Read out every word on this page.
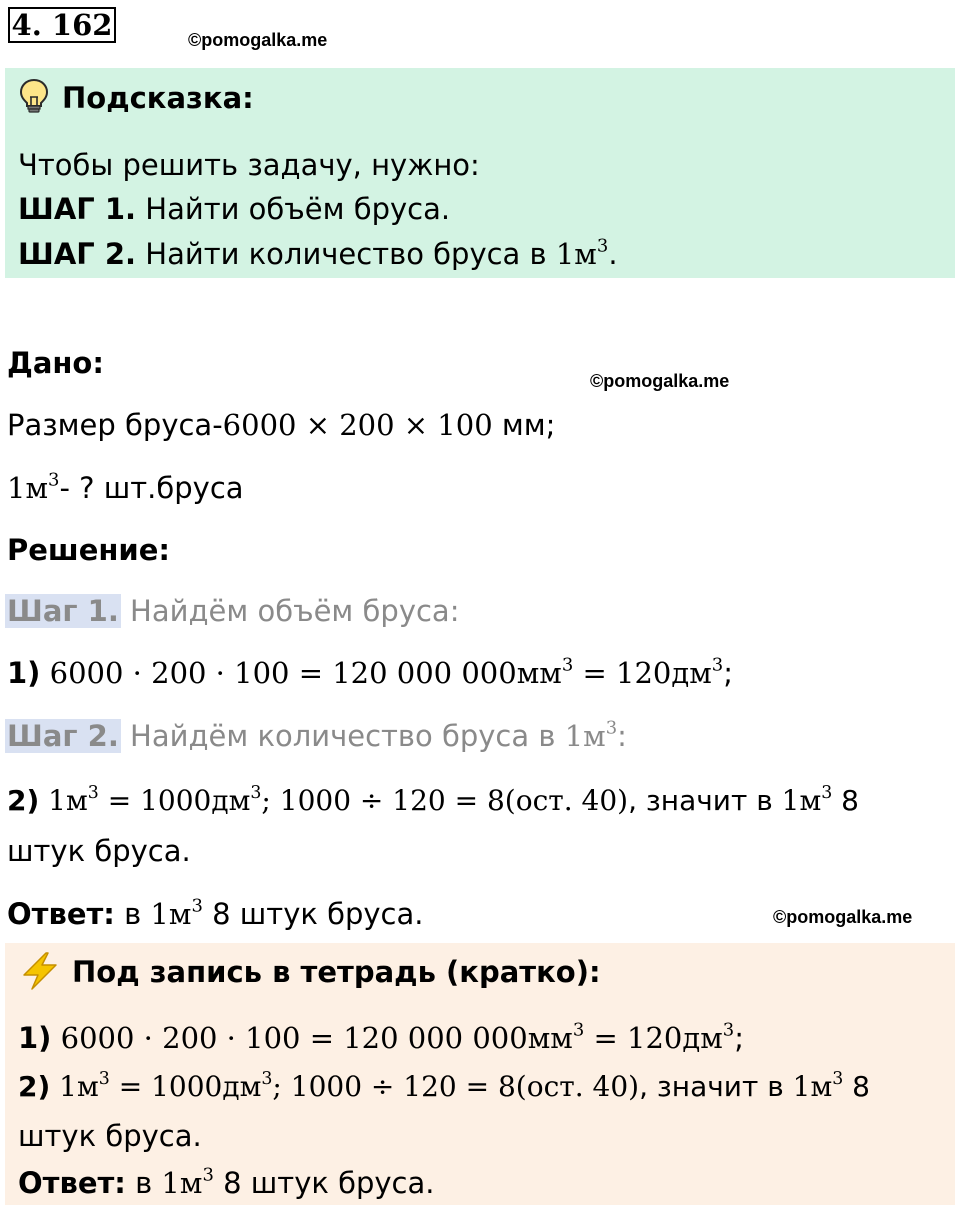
4. 162	©pomogalka.me
Подсказка:
Чтобы решить задачу, нужно:
ШАГ 1. Найти объём бруса.
ШАГ 2. Найти количество бруса в $1м^3$.
Дано:
©pomogalka.me
Размер бруса-6000 × 200 × 100 мм;
$1м^3-$ ? шт.бруса
Решение:
Шаг 1. Найдём объём бруса:
1) 6000 · 200 · 100 = 120 000 $000мм^3 = 120дм^3$;
Шаг 2. Найдём количество бруса в $1м^3$:
2) $1м^3 = 1000дм^3$; 1000 ÷ 120 = 8(ост. 40), значит в $1м^3$ 8
штук бруса.
Ответ: в $1м^3$ 8 штук бруса.	©pomogalka.me
Под запись в тетрадь (кратко):
1) 6000 · 200 · 100 = 120 000 $000мм^3 = 120дм^3$;
2) $1м^3 = 1000дм^3$; 1000 ÷ 120 = 8(ост. 40), значит в $1м^3$ 8
штук бруса.
Ответ: в $1м^3$ 8 штук бруса.
